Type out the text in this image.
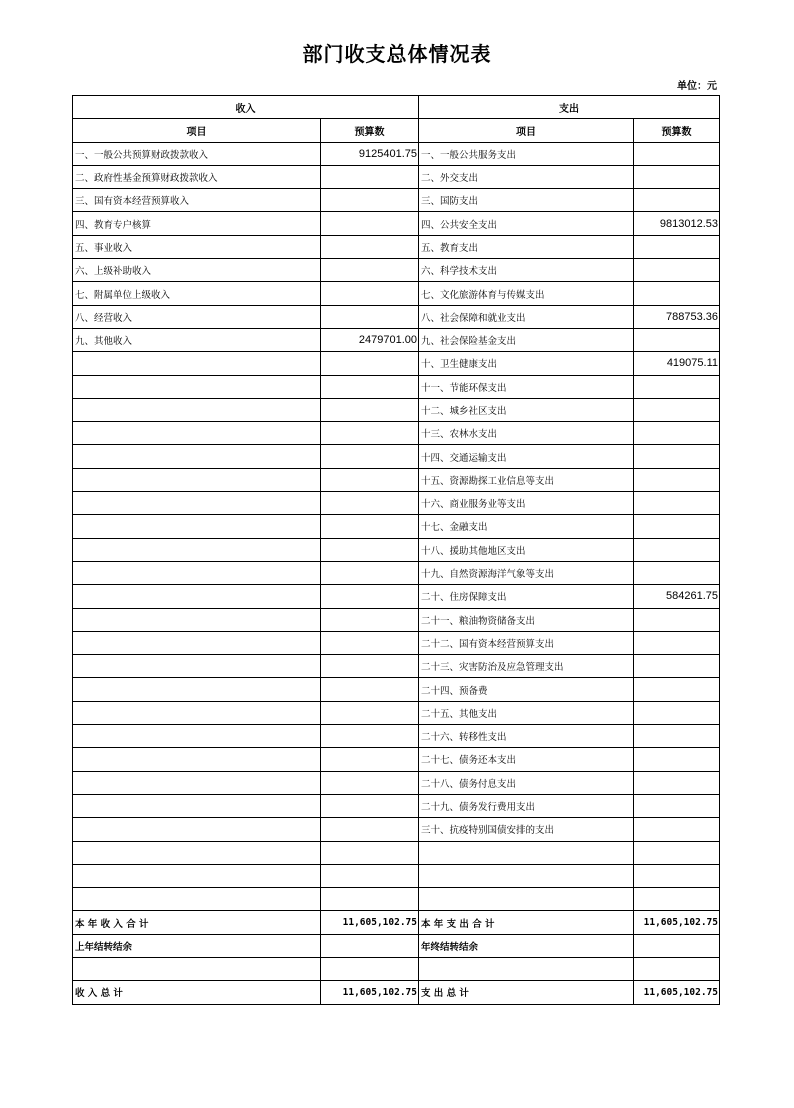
部门收支总体情况表
单位：元
收入		支出	
项目	预算数	项目	预算数
一、一般公共预算财政拨款收入	9125401.75	一、一般公共服务支出	
二、政府性基金预算财政拨款收入		二、外交支出	
三、国有资本经营预算收入		三、国防支出	
四、教育专户核算		四、公共安全支出	9813012.53
五、事业收入		五、教育支出	
六、上级补助收入		六、科学技术支出	
七、附属单位上级收入		七、文化旅游体育与传媒支出	
八、经营收入		八、社会保障和就业支出	788753.36
九、其他收入	2479701.00	九、社会保险基金支出	
		十、卫生健康支出	419075.11
		十一、节能环保支出	
		十二、城乡社区支出	
		十三、农林水支出	
		十四、交通运输支出	
		十五、资源勘探工业信息等支出	
		十六、商业服务业等支出	
		十七、金融支出	
		十八、援助其他地区支出	
		十九、自然资源海洋气象等支出	
		二十、住房保障支出	584261.75
		二十一、粮油物资储备支出	
		二十二、国有资本经营预算支出	
		二十三、灾害防治及应急管理支出	
		二十四、预备费	
		二十五、其他支出	
		二十六、转移性支出	
		二十七、债务还本支出	
		二十八、债务付息支出	
		二十九、债务发行费用支出	
		三十、抗疫特别国债安排的支出	

本 年 收 入 合 计	11,605,102.75	本 年 支 出 合 计	11,605,102.75
上年结转结余		年终结转结余	

收 入 总 计	11,605,102.75	支 出 总 计	11,605,102.75
